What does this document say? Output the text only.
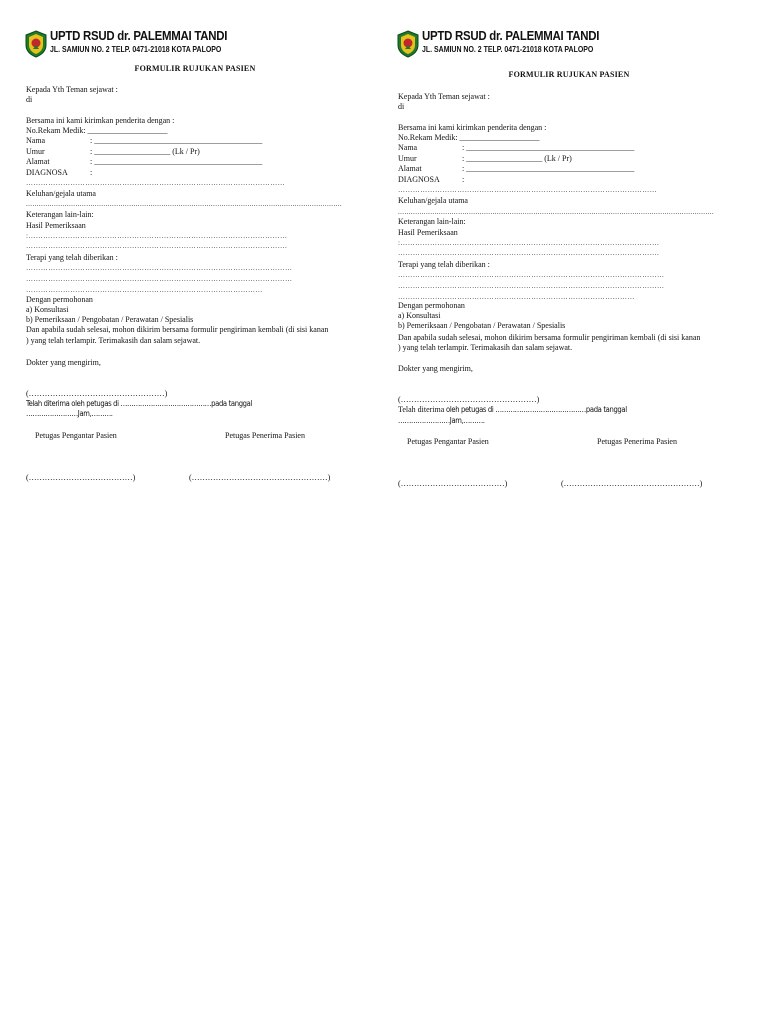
UPTD RSUD dr. PALEMMAI TANDI
JL. SAMIUN NO. 2 TELP. 0471-21018 KOTA PALOPO
FORMULIR RUJUKAN PASIEN
Kepada Yth Teman sejawat :
di
Bersama ini kami kirimkan penderita dengan :
No.Rekam Medik: ____________________
Nama	: __________________________________________
Umur	: ___________________ (Lk / Pr)
Alamat	: __________________________________________
DIAGNOSA	:
……………………………………………………………………………………………
Keluhan/gejala utama
...................................................................................................................................................
Keterangan lain-lain:
Hasil Pemeriksaan
:……………………………………………………………………………………………
…………………………………………………………………………………………….
Terapi yang telah diberikan :
………………………………………………………………………………………………
………………………………………………………………………………………………
……………………………………………………………………………………
Dengan permohonan
a) Konsultasi
b) Pemeriksaan / Pengobatan / Perawatan / Spesialis
Dan apabila sudah selesai, mohon dikirim bersama formulir pengiriman kembali (di sisi kanan
) yang telah terlampir. Terimakasih dan salam sejawat.
Dokter yang mengirim,
(……………………………………………)
Telah diterima oleh petugas di ……………………………………pada tanggal
……………………Jam,……….
Petugas Pengantar Pasien	Petugas Penerima Pasien
(…………………………………)	(……………………………………………)
UPTD RSUD dr. PALEMMAI TANDI
JL. SAMIUN NO. 2 TELP. 0471-21018 KOTA PALOPO
FORMULIR RUJUKAN PASIEN
Kepada Yth Teman sejawat :
di
Bersama ini kami kirimkan penderita dengan :
No.Rekam Medik: ____________________
Nama	: __________________________________________
Umur	: ___________________ (Lk / Pr)
Alamat	: __________________________________________
DIAGNOSA	:
……………………………………………………………………………………………
Keluhan/gejala utama
...................................................................................................................................................
Keterangan lain-lain:
Hasil Pemeriksaan
:……………………………………………………………………………………………
…………………………………………………………………………………………….
Terapi yang telah diberikan :
………………………………………………………………………………………………
………………………………………………………………………………………………
……………………………………………………………………………………
Dengan permohonan
a) Konsultasi
b) Pemeriksaan / Pengobatan / Perawatan / Spesialis
Dan apabila sudah selesai, mohon dikirim bersama formulir pengiriman kembali (di sisi kanan
) yang telah terlampir. Terimakasih dan salam sejawat.
Dokter yang mengirim,
(……………………………………………)
Telah diterima oleh petugas di ……………………………………pada tanggal
……………………Jam,……….
Petugas Pengantar Pasien	Petugas Penerima Pasien
(…………………………………)	(……………………………………………)
